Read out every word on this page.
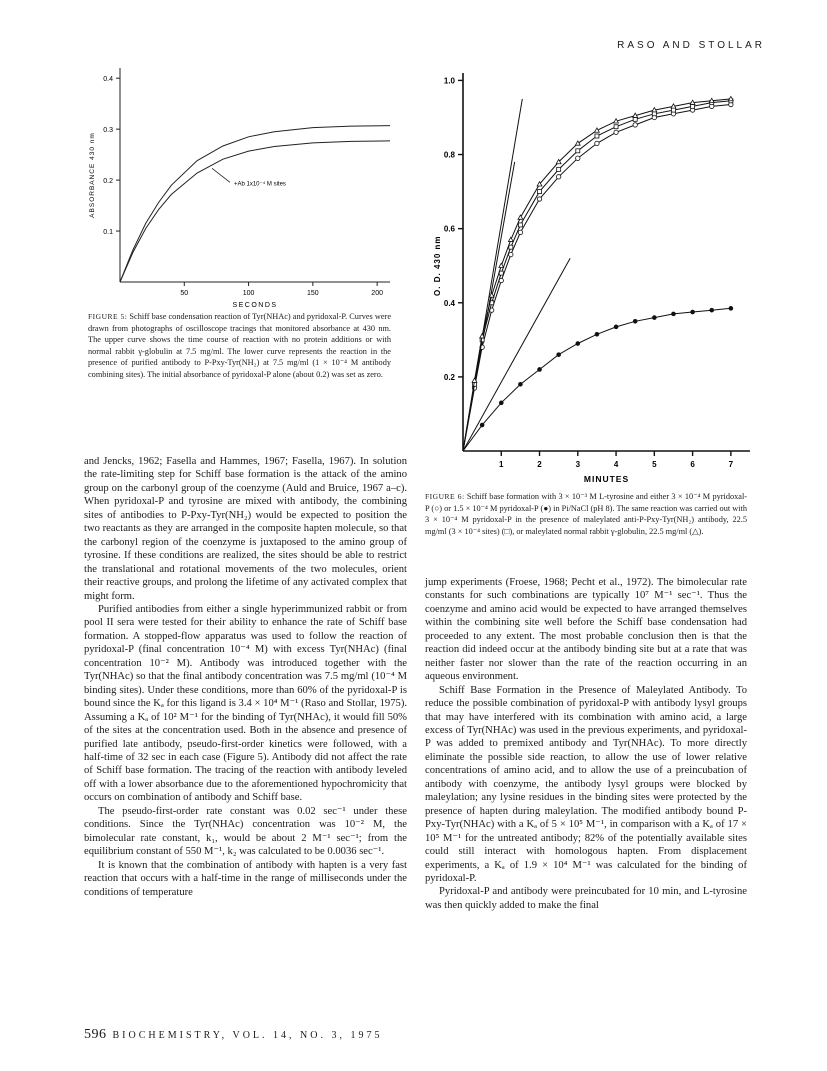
RASO AND STOLLAR
0.1
0.2
0.3
0.4
50	100	150	200
SECONDS
ABSORBANCE 430 nm	+Ab 1x10⁻⁴ M sites
FIGURE 5: Schiff base condensation reaction of Tyr(NHAc) and pyridoxal-P. Curves were drawn from photographs of oscilloscope tracings that monitored absorbance at 430 nm. The upper curve shows the time course of reaction with no protein additions or with normal rabbit γ-globulin at 7.5 mg/ml. The lower curve represents the reaction in the presence of purified antibody to P-Pxy-Tyr(NH₂) at 7.5 mg/ml (1 × 10⁻⁴ M antibody combining sites). The initial absorbance of pyridoxal-P alone (about 0.2) was set as zero.	0.2
0.4
0.6
0.8
1.0
1	2	3	4	5	6	7
MINUTES
O. D. 430 nm
FIGURE 6: Schiff base formation with 3 × 10⁻³ M L-tyrosine and either 3 × 10⁻⁴ M pyridoxal-P (○) or 1.5 × 10⁻⁴ M pyridoxal-P (●) in Pi/NaCl (pH 8). The same reaction was carried out with 3 × 10⁻⁴ M pyridoxal-P in the presence of maleylated anti-P-Pxy-Tyr(NH₂) antibody, 22.5 mg/ml (3 × 10⁻⁴ sites) (□), or maleylated normal rabbit γ-globulin, 22.5 mg/ml (△).

and Jencks, 1962; Fasella and Hammes, 1967; Fasella, 1967). In solution the rate-limiting step for Schiff base formation is the attack of the amino group on the carbonyl group of the coenzyme (Auld and Bruice, 1967 a–c). When pyridoxal-P and tyrosine are mixed with antibody, the combining sites of antibodies to P-Pxy-Tyr(NH₂) would be expected to position the two reactants as they are arranged in the composite hapten molecule, so that the carbonyl region of the coenzyme is juxtaposed to the amino group of tyrosine. If these conditions are realized, the sites should be able to restrict the translational and rotational movements of the two molecules, orient their reactive groups, and prolong the lifetime of any activated complex that might form.

Purified antibodies from either a single hyperimmunized rabbit or from pool II sera were tested for their ability to enhance the rate of Schiff base formation. A stopped-flow apparatus was used to follow the reaction of pyridoxal-P (final concentration 10⁻⁴ M) with excess Tyr(NHAc) (final concentration 10⁻² M). Antibody was introduced together with the Tyr(NHAc) so that the final antibody concentration was 7.5 mg/ml (10⁻⁴ M binding sites). Under these conditions, more than 60% of the pyridoxal-P is bound since the Kₐ for this ligand is 3.4 × 10⁴ M⁻¹ (Raso and Stollar, 1975). Assuming a Kₐ of 10² M⁻¹ for the binding of Tyr(NHAc), it would fill 50% of the sites at the concentration used. Both in the absence and presence of purified late antibody, pseudo-first-order kinetics were followed, with a half-time of 32 sec in each case (Figure 5). Antibody did not affect the rate of Schiff base formation. The tracing of the reaction with antibody leveled off with a lower absorbance due to the aforementioned hypochromicity that occurs on combination of antibody and Schiff base.

The pseudo-first-order rate constant was 0.02 sec⁻¹ under these conditions. Since the Tyr(NHAc) concentration was 10⁻² M, the bimolecular rate constant, k₁, would be about 2 M⁻¹ sec⁻¹; from the equilibrium constant of 550 M⁻¹, k₂ was calculated to be 0.0036 sec⁻¹.

It is known that the combination of antibody with hapten is a very fast reaction that occurs with a half-time in the range of milliseconds under the conditions of temperature

jump experiments (Froese, 1968; Pecht et al., 1972). The bimolecular rate constants for such combinations are typically 10⁷ M⁻¹ sec⁻¹. Thus the coenzyme and amino acid would be expected to have arranged themselves within the combining site well before the Schiff base condensation had proceeded to any extent. The most probable conclusion then is that the reaction did indeed occur at the antibody binding site but at a rate that was neither faster nor slower than the rate of the reaction occurring in an aqueous environment.

Schiff Base Formation in the Presence of Maleylated Antibody. To reduce the possible combination of pyridoxal-P with antibody lysyl groups that may have interfered with its combination with amino acid, a large excess of Tyr(NHAc) was used in the previous experiments, and pyridoxal-P was added to premixed antibody and Tyr(NHAc). To more directly eliminate the possible side reaction, to allow the use of lower relative concentrations of amino acid, and to allow the use of a preincubation of antibody with coenzyme, the antibody lysyl groups were blocked by maleylation; any lysine residues in the binding sites were protected by the presence of hapten during maleylation. The modified antibody bound P-Pxy-Tyr(NHAc) with a Kₐ of 5 × 10⁵ M⁻¹, in comparison with a Kₐ of 17 × 10⁵ M⁻¹ for the untreated antibody; 82% of the potentially available sites could still interact with homologous hapten. From displacement experiments, a Kₐ of 1.9 × 10⁴ M⁻¹ was calculated for the binding of pyridoxal-P.

Pyridoxal-P and antibody were preincubated for 10 min, and L-tyrosine was then quickly added to make the final

596 BIOCHEMISTRY, VOL. 14, NO. 3, 1975
